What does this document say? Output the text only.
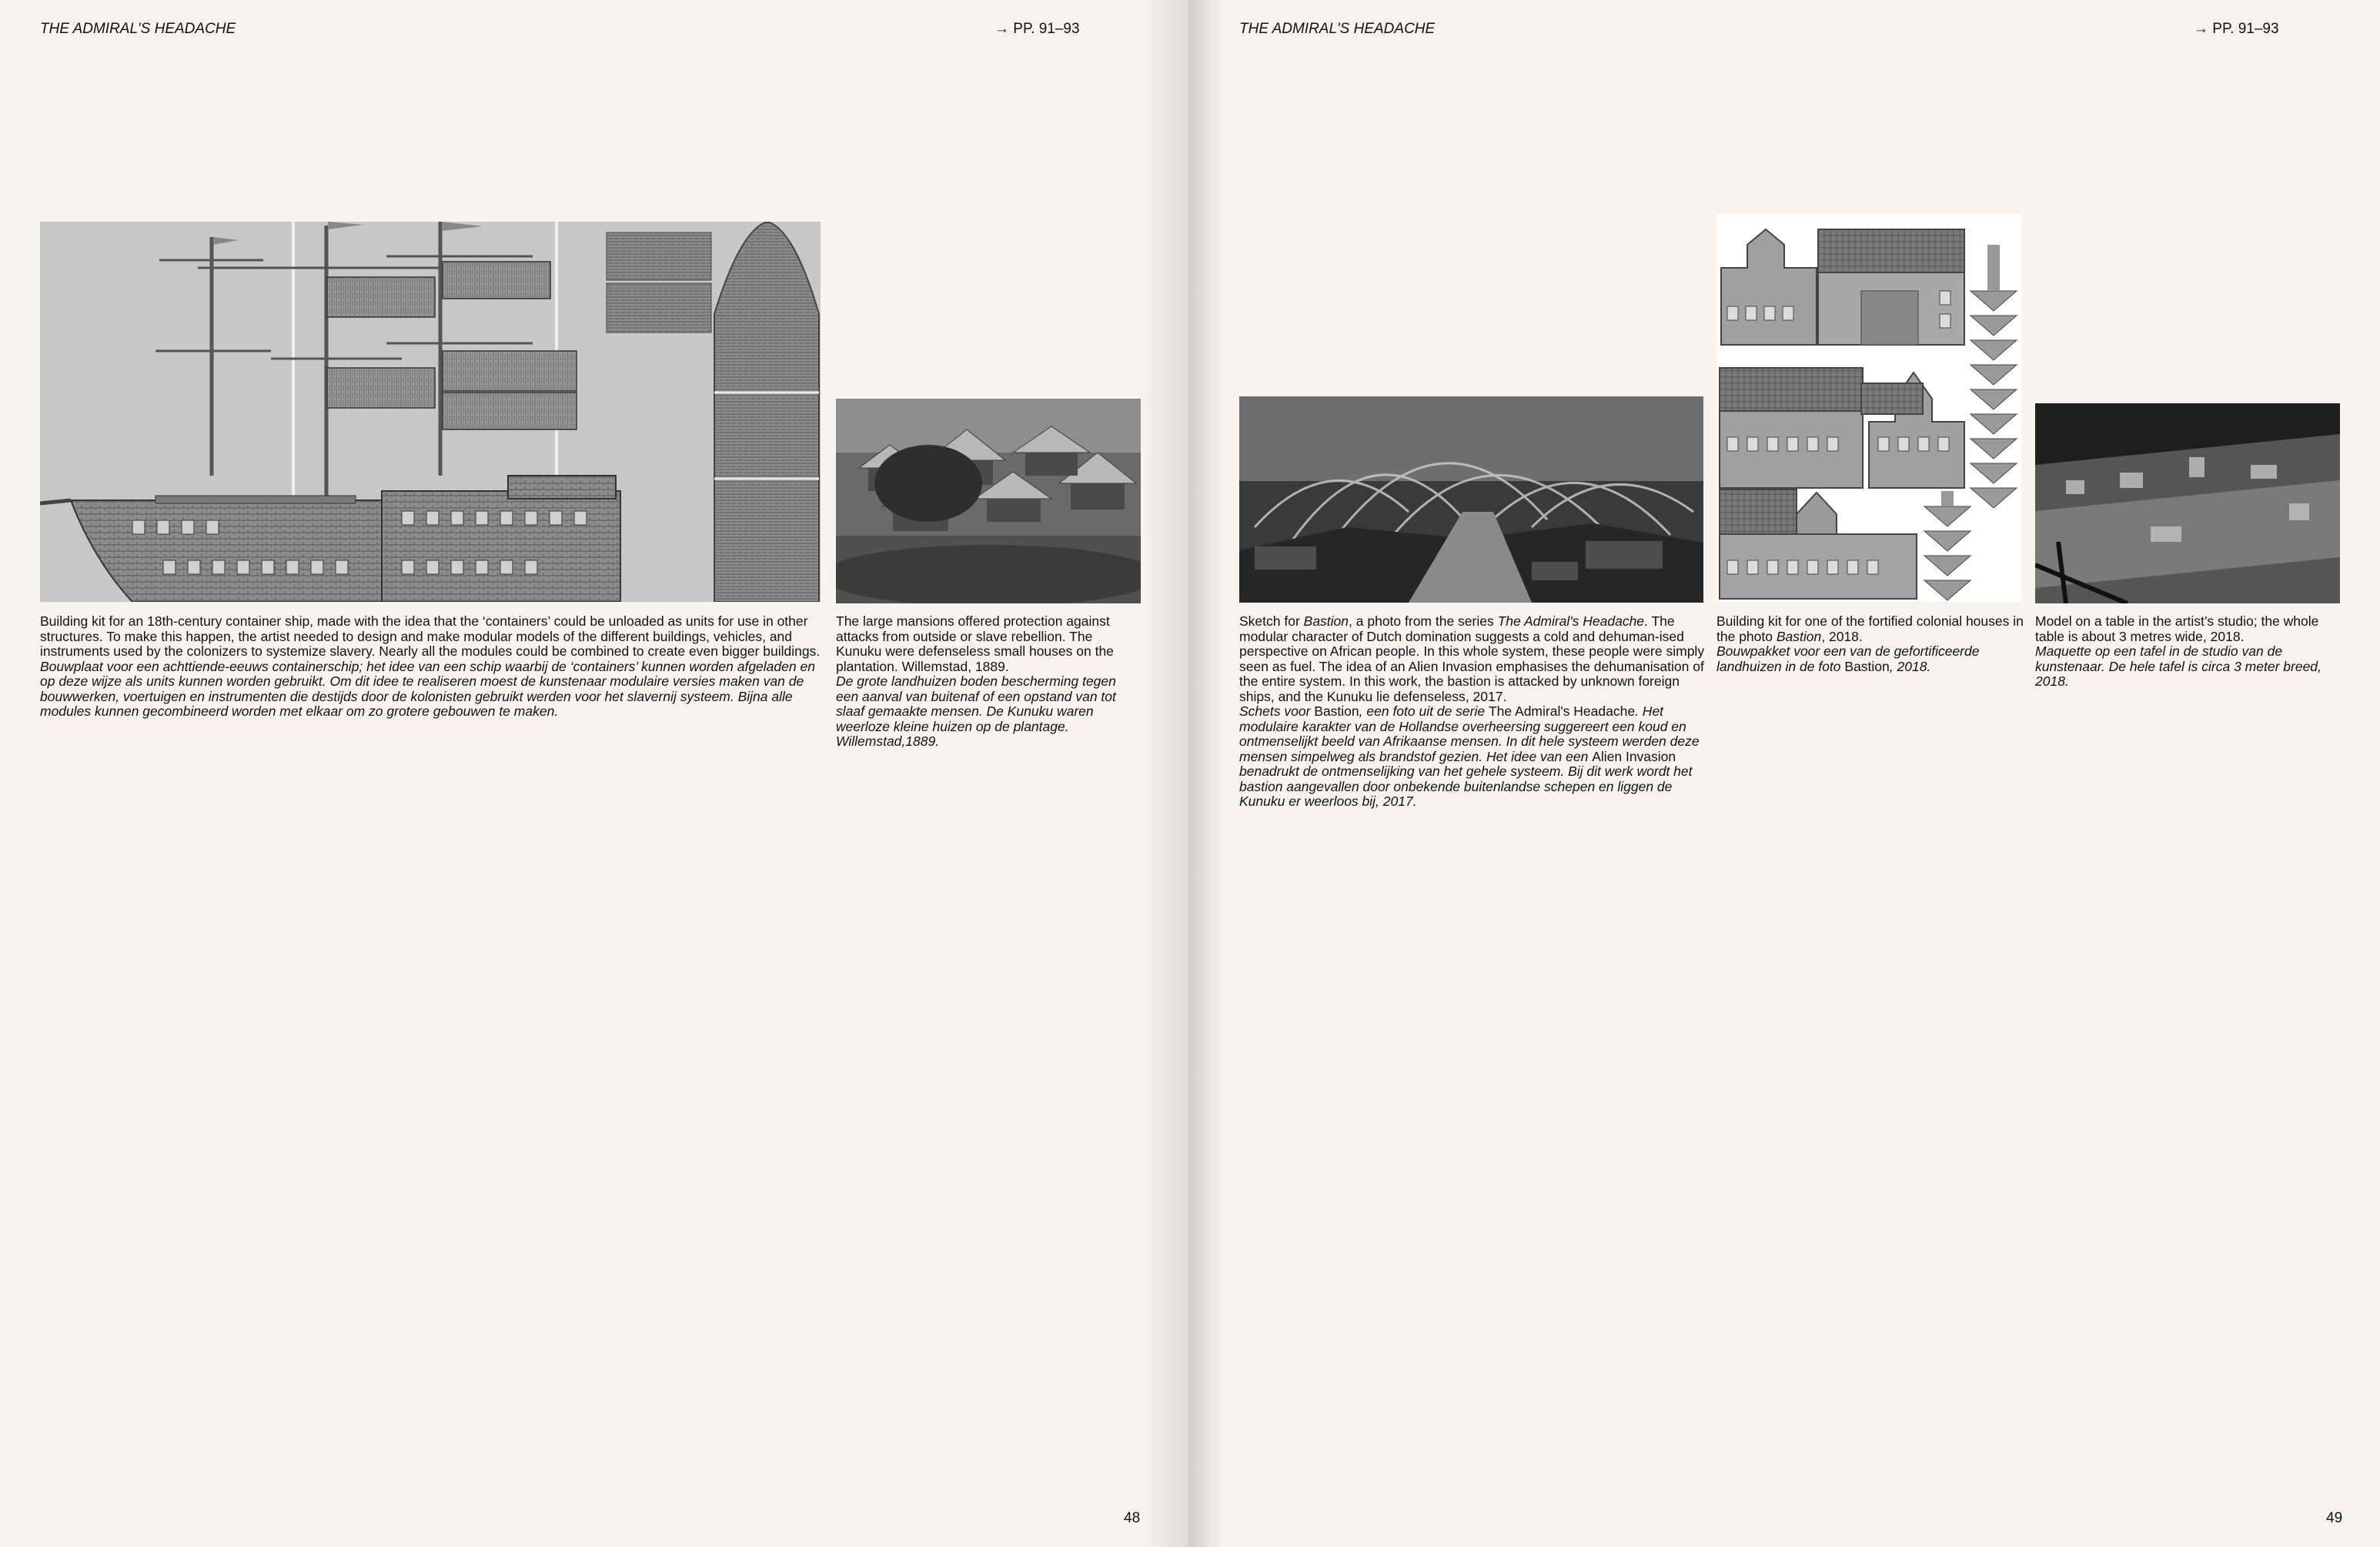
THE ADMIRAL'S HEADACHE	→ PP. 91–93

Building kit for an 18th-century container ship, made with the idea that the ‘containers’ could be unloaded as units for use in other structures. To make this happen, the artist needed to design and make modular models of the different buildings, vehicles, and instruments used by the colonizers to systemize slavery. Nearly all the modules could be combined to create even bigger buildings.

Bouwplaat voor een achttiende-eeuws containerschip; het idee van een schip waarbij de ‘containers’ kunnen worden afgeladen en op deze wijze als units kunnen worden gebruikt. Om dit idee te realiseren moest de kunstenaar modulaire versies maken van de bouwwerken, voertuigen en instrumenten die destijds door de kolonisten gebruikt werden voor het slavernij systeem. Bijna alle modules kunnen gecombineerd worden met elkaar om zo grotere gebouwen te maken.

The large mansions offered protection against attacks from outside or slave rebellion. The Kunuku were defenseless small houses on the plantation. Willemstad, 1889.

De grote landhuizen boden bescherming tegen een aanval van buitenaf of een opstand van tot slaaf gemaakte mensen. De Kunuku waren weerloze kleine huizen op de plantage. Willemstad,1889.

48
THE ADMIRAL'S HEADACHE	→ PP. 91–93

Sketch for Bastion, a photo from the series The Admiral's Headache. The modular character of Dutch domination suggests a cold and dehuman-ised perspective on African people. In this whole system, these people were simply seen as fuel. The idea of an Alien Invasion emphasises the dehumanisation of the entire system. In this work, the bastion is attacked by unknown foreign ships, and the Kunuku lie defenseless, 2017.

Schets voor Bastion, een foto uit de serie The Admiral's Headache. Het modulaire karakter van de Hollandse overheersing suggereert een koud en ontmenselijkt beeld van Afrikaanse mensen. In dit hele systeem werden deze mensen simpelweg als brandstof gezien. Het idee van een Alien Invasion benadrukt de ontmenselijking van het gehele systeem. Bij dit werk wordt het bastion aangevallen door onbekende buitenlandse schepen en liggen de Kunuku er weerloos bij, 2017.

Building kit for one of the fortified colonial houses in the photo Bastion, 2018.

Bouwpakket voor een van de gefortificeerde landhuizen in de foto Bastion, 2018.

Model on a table in the artist’s studio; the whole table is about 3 metres wide, 2018.

Maquette op een tafel in de studio van de kunstenaar. De hele tafel is circa 3 meter breed, 2018.

49
